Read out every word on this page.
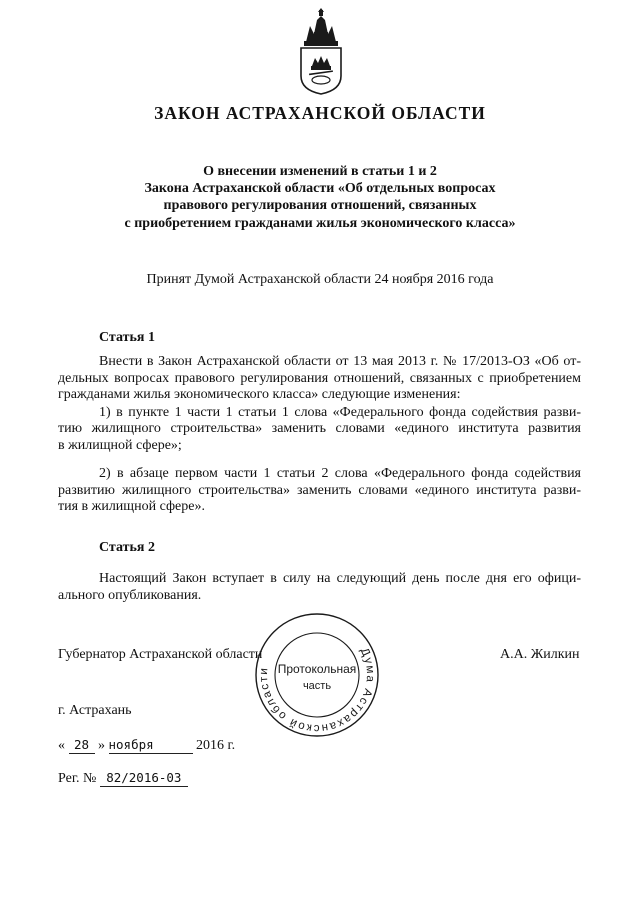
ЗАКОН АСТРАХАНСКОЙ ОБЛАСТИ
О внесении изменений в статьи 1 и 2
Закона Астраханской области «Об отдельных вопросах
правового регулирования отношений, связанных
с приобретением гражданами жилья экономического класса»
Принят Думой Астраханской области 24 ноября 2016 года
Статья 1
Внести в Закон Астраханской области от 13 мая 2013 г. № 17/2013-ОЗ «Об от-
дельных вопросах правового регулирования отношений, связанных с приобретением
гражданами жилья экономического класса» следующие изменения:
1) в пункте 1 части 1 статьи 1 слова «Федерального фонда содействия разви-
тию жилищного строительства» заменить словами «единого института развития
в жилищной сфере»;
2) в абзаце первом части 1 статьи 2 слова «Федерального фонда содействия
развитию жилищного строительства» заменить словами «единого института разви-
тия в жилищной сфере».
Статья 2
Настоящий Закон вступает в силу на следующий день после дня его офици-
ального опубликования.
Губернатор Астраханской области	А.А. Жилкин
Дума Астраханской области Протокольная
часть
г. Астрахань
« 28 » ноября	2016 г.
Рег. № 82/2016-03
